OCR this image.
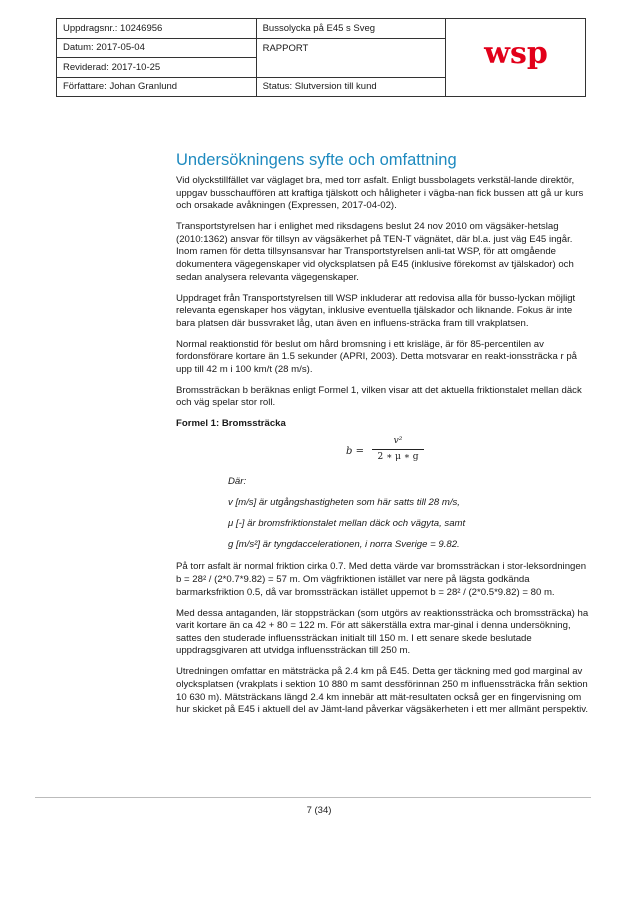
Uppdragsnr.: 10246956	Bussolycka på E45 s Sveg	wsp

Datum: 2017-05-04	RAPPORT	
Reviderad: 2017-10-25		
Författare: Johan Granlund	Status: Slutversion till kund	
Undersökningens syfte och omfattning

Vid olyckstillfället var väglaget bra, med torr asfalt. Enligt bussbolagets verkstäl-lande direktör, uppgav busschauffören att kraftiga tjälskott och håligheter i vägba-nan fick bussen att gå ur kurs och orsakade avåkningen (Expressen, 2017-04-02).

Transportstyrelsen har i enlighet med riksdagens beslut 24 nov 2010 om vägsäker-hetslag (2010:1362) ansvar för tillsyn av vägsäkerhet på TEN-T vägnätet, där bl.a. just väg E45 ingår. Inom ramen för detta tillsynsansvar har Transportstyrelsen anli-tat WSP, för att omgående dokumentera vägegenskaper vid olycksplatsen på E45 (inklusive förekomst av tjälskador) och sedan analysera relevanta vägegenskaper.

Uppdraget från Transportstyrelsen till WSP inkluderar att redovisa alla för busso-lyckan möjligt relevanta egenskaper hos vägytan, inklusive eventuella tjälskador och liknande. Fokus är inte bara platsen där bussvraket låg, utan även en influens-sträcka fram till vrakplatsen.

Normal reaktionstid för beslut om hård bromsning i ett krisläge, är för 85-percentilen av fordonsförare kortare än 1.5 sekunder (APRI, 2003). Detta motsvarar en reakt-ionssträcka r på upp till 42 m i 100 km/t (28 m/s).

Bromssträckan b beräknas enligt Formel 1, vilken visar att det aktuella friktionstalet mellan däck och väg spelar stor roll.

Formel 1: Bromssträcka

b =
v²
2 ∗ μ ∗ g

Där:

v [m/s] är utgångshastigheten som här satts till 28 m/s,

μ [-] är bromsfriktionstalet mellan däck och vägyta, samt

g [m/s²] är tyngdaccelerationen, i norra Sverige = 9.82.

På torr asfalt är normal friktion cirka 0.7. Med detta värde var bromssträckan i stor-leksordningen b = 28² / (2*0.7*9.82) = 57 m. Om vägfriktionen istället var nere på lägsta godkända barmarksfriktion 0.5, då var bromssträckan istället uppemot b = 28² / (2*0.5*9.82) = 80 m.

Med dessa antaganden, lär stoppsträckan (som utgörs av reaktionssträcka och bromssträcka) ha varit kortare än ca 42 + 80 = 122 m. För att säkerställa extra mar-ginal i denna undersökning, sattes den studerade influenssträckan initialt till 150 m. I ett senare skede beslutade uppdragsgivaren att utvidga influenssträckan till 250 m.

Utredningen omfattar en mätsträcka på 2.4 km på E45. Detta ger täckning med god marginal av olycksplatsen (vrakplats i sektion 10 880 m samt dessförinnan 250 m influenssträcka från sektion 10 630 m). Mätsträckans längd 2.4 km innebär att mät-resultaten också ger en fingervisning om hur skicket på E45 i aktuell del av Jämt-land påverkar vägsäkerheten i ett mer allmänt perspektiv.

7 (34)
